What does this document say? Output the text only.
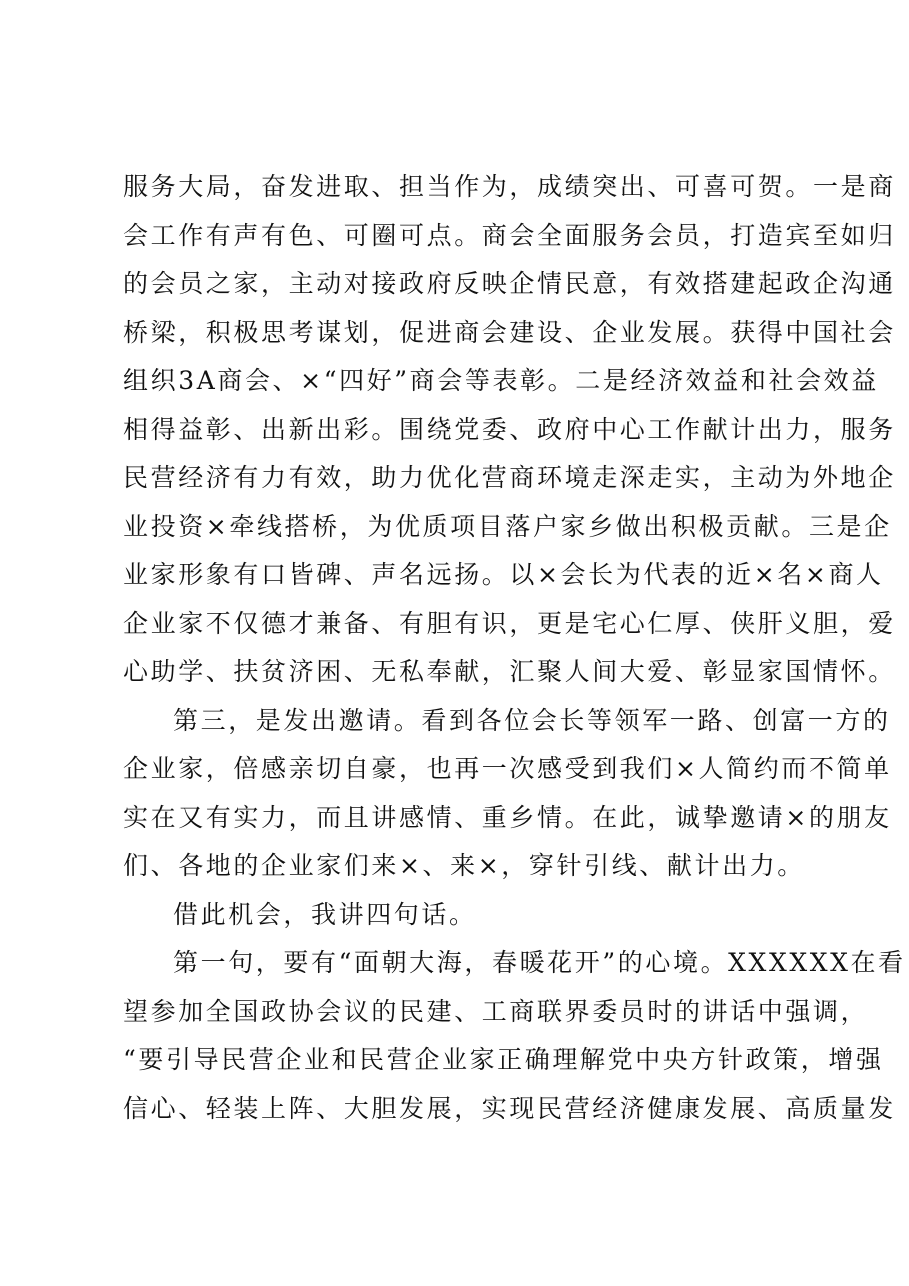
服务大局，奋发进取、担当作为，成绩突出、可喜可贺。一是商
会工作有声有色、可圈可点。商会全面服务会员，打造宾至如归
的会员之家，主动对接政府反映企情民意，有效搭建起政企沟通
桥梁，积极思考谋划，促进商会建设、企业发展。获得中国社会
组织3A商会、×“四好”商会等表彰。二是经济效益和社会效益
相得益彰、出新出彩。围绕党委、政府中心工作献计出力，服务
民营经济有力有效，助力优化营商环境走深走实，主动为外地企
业投资×牵线搭桥，为优质项目落户家乡做出积极贡献。三是企
业家形象有口皆碑、声名远扬。以×会长为代表的近×名×商人
企业家不仅德才兼备、有胆有识，更是宅心仁厚、侠肝义胆，爱
心助学、扶贫济困、无私奉献，汇聚人间大爱、彰显家国情怀。
第三，是发出邀请。看到各位会长等领军一路、创富一方的
企业家，倍感亲切自豪，也再一次感受到我们×人简约而不简单
实在又有实力，而且讲感情、重乡情。在此，诚挚邀请×的朋友
们、各地的企业家们来×、来×，穿针引线、献计出力。
借此机会，我讲四句话。
第一句，要有“面朝大海，春暖花开”的心境。XXXXXX在看
望参加全国政协会议的民建、工商联界委员时的讲话中强调，
“要引导民营企业和民营企业家正确理解党中央方针政策，增强
信心、轻装上阵、大胆发展，实现民营经济健康发展、高质量发
